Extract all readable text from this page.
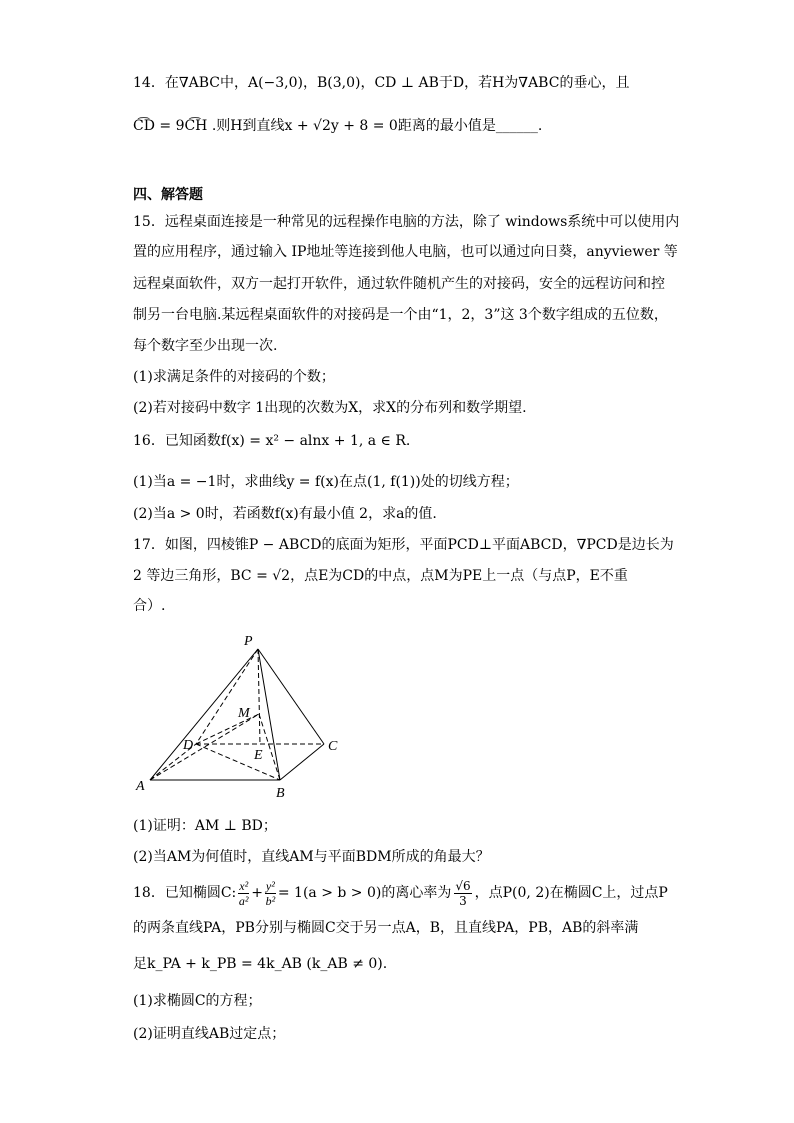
14．在∇ABC中，A(−3,0)，B(3,0)，CD ⊥ AB于D，若H为∇ABC的垂心，且
C͡D = 9C͡H .则H到直线x + √2y + 8 = 0距离的最小值是______.
四、解答题
15．远程桌面连接是一种常见的远程操作电脑的方法，除了 windows系统中可以使用内
置的应用程序，通过输入 IP地址等连接到他人电脑，也可以通过向日葵，anyviewer 等
远程桌面软件，双方一起打开软件，通过软件随机产生的对接码，安全的远程访问和控
制另一台电脑.某远程桌面软件的对接码是一个由“1，2，3”这 3个数字组成的五位数，
每个数字至少出现一次.
(1)求满足条件的对接码的个数；
(2)若对接码中数字 1出现的次数为X，求X的分布列和数学期望.
16．已知函数f(x) = x² − alnx + 1, a ∈ R.
(1)当a = −1时，求曲线y = f(x)在点(1, f(1))处的切线方程；
(2)当a > 0时，若函数f(x)有最小值 2，求a的值.
17．如图，四棱锥P − ABCD的底面为矩形，平面PCD⊥平面ABCD，∇PCD是边长为
2 等边三角形，BC = √2，点E为CD的中点，点M为PE上一点（与点P，E不重
合）.
P
M
D
E
C
A	B
(1)证明：AM ⊥ BD；
(2)当AM为何值时，直线AM与平面BDM所成的角最大？
18．已知椭圆C: $\frac{\text{x²}}{\text{a²}} + \frac{\text{y²}}{\text{b²}} = 1(a > b > 0)$的离心率为 $\frac{√6}{3}$ ，点P(0, 2)在椭圆C上，过点P
的两条直线PA，PB分别与椭圆C交于另一点A，B，且直线PA，PB，AB的斜率满
足k_PA + k_PB = 4k_AB (k_AB ≠ 0).
(1)求椭圆C的方程；
(2)证明直线AB过定点；
